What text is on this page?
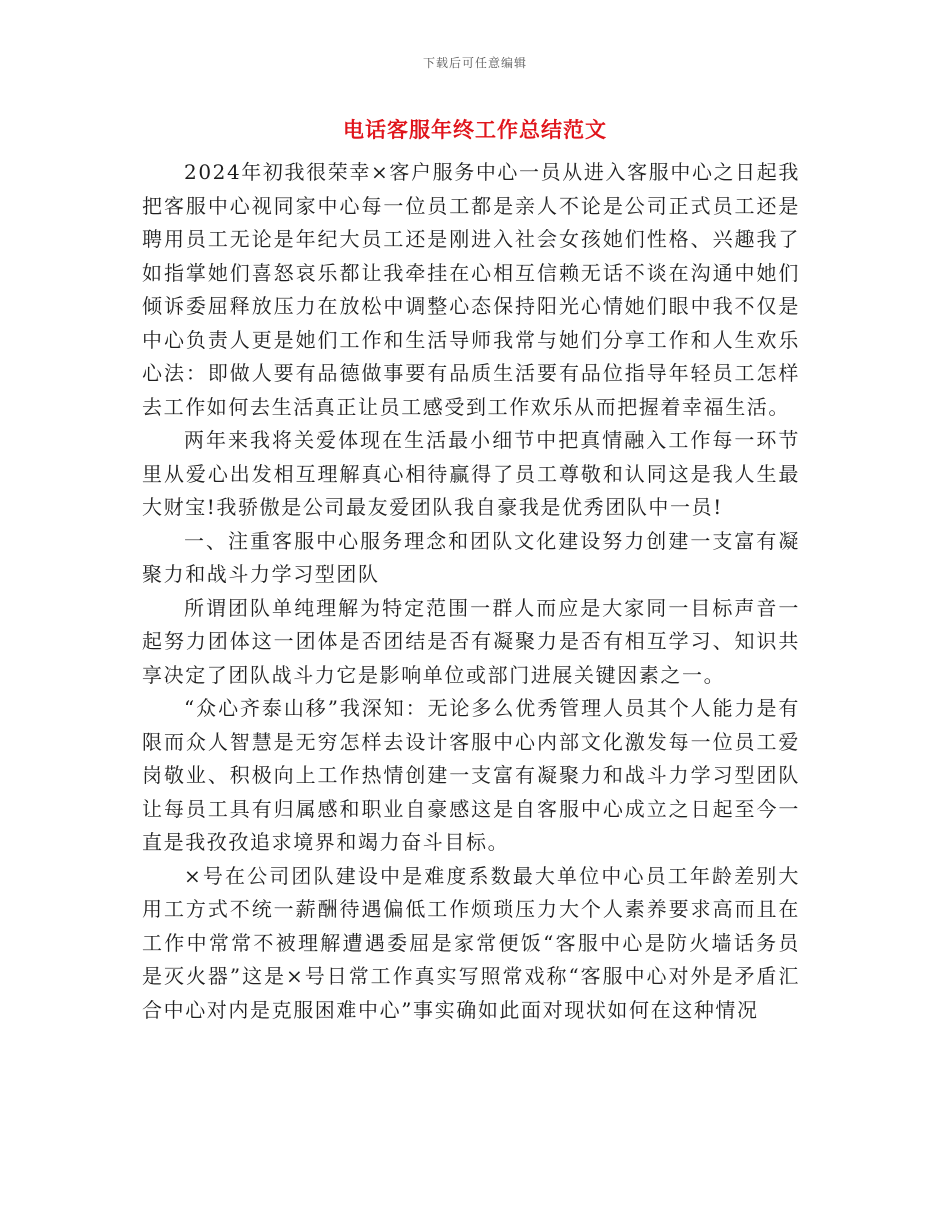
下载后可任意编辑
电话客服年终工作总结范文

2024年初我很荣幸×客户服务中心一员从进入客服中心之日起我把客服中心视同家中心每一位员工都是亲人不论是公司正式员工还是聘用员工无论是年纪大员工还是刚进入社会女孩她们性格、兴趣我了如指掌她们喜怒哀乐都让我牵挂在心相互信赖无话不谈在沟通中她们倾诉委屈释放压力在放松中调整心态保持阳光心情她们眼中我不仅是中心负责人更是她们工作和生活导师我常与她们分享工作和人生欢乐心法：即做人要有品德做事要有品质生活要有品位指导年轻员工怎样去工作如何去生活真正让员工感受到工作欢乐从而把握着幸福生活。

两年来我将关爱体现在生活最小细节中把真情融入工作每一环节里从爱心出发相互理解真心相待赢得了员工尊敬和认同这是我人生最大财宝!我骄傲是公司最友爱团队我自豪我是优秀团队中一员!

一、注重客服中心服务理念和团队文化建设努力创建一支富有凝聚力和战斗力学习型团队

所谓团队单纯理解为特定范围一群人而应是大家同一目标声音一起努力团体这一团体是否团结是否有凝聚力是否有相互学习、知识共享决定了团队战斗力它是影响单位或部门进展关键因素之一。

“众心齐泰山移”我深知：无论多么优秀管理人员其个人能力是有限而众人智慧是无穷怎样去设计客服中心内部文化激发每一位员工爱岗敬业、积极向上工作热情创建一支富有凝聚力和战斗力学习型团队让每员工具有归属感和职业自豪感这是自客服中心成立之日起至今一直是我孜孜追求境界和竭力奋斗目标。

×号在公司团队建设中是难度系数最大单位中心员工年龄差别大用工方式不统一薪酬待遇偏低工作烦琐压力大个人素养要求高而且在工作中常常不被理解遭遇委屈是家常便饭“客服中心是防火墙话务员是灭火器”这是×号日常工作真实写照常戏称“客服中心对外是矛盾汇合中心对内是克服困难中心”事实确如此面对现状如何在这种情况
